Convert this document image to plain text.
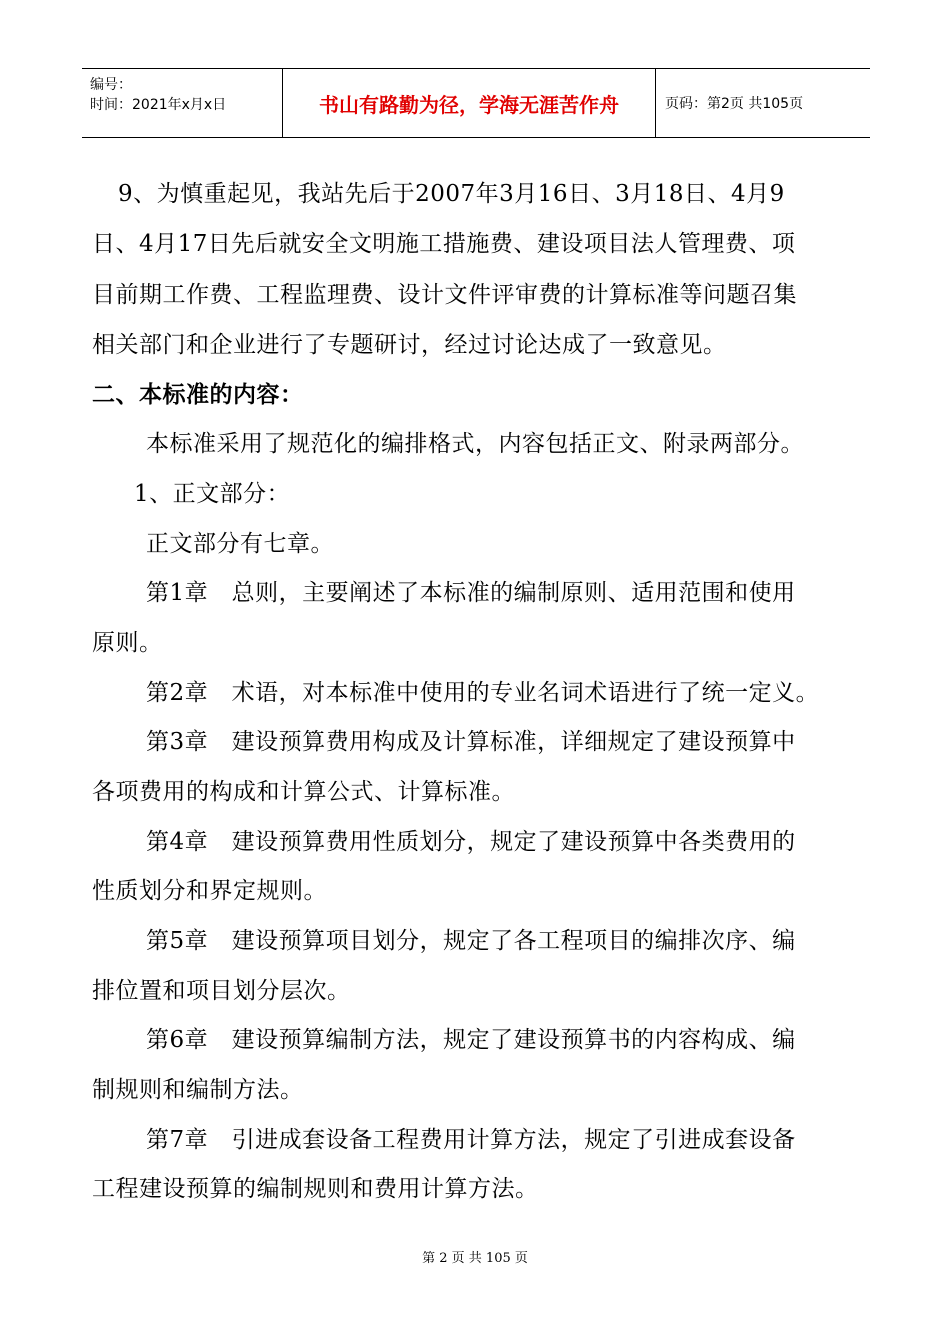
编号：
时间：2021年x月x日	书山有路勤为径，学海无涯苦作舟	页码：第2页 共105页
9、为慎重起见，我站先后于2007年3月16日、3月18日、4月9
日、4月17日先后就安全文明施工措施费、建设项目法人管理费、项
目前期工作费、工程监理费、设计文件评审费的计算标准等问题召集
相关部门和企业进行了专题研讨，经过讨论达成了一致意见。
二、本标准的内容：
本标准采用了规范化的编排格式，内容包括正文、附录两部分。
1、正文部分：
正文部分有七章。
第1章　总则，主要阐述了本标准的编制原则、适用范围和使用
原则。
第2章　术语，对本标准中使用的专业名词术语进行了统一定义。
第3章　建设预算费用构成及计算标准，详细规定了建设预算中
各项费用的构成和计算公式、计算标准。
第4章　建设预算费用性质划分，规定了建设预算中各类费用的
性质划分和界定规则。
第5章　建设预算项目划分，规定了各工程项目的编排次序、编
排位置和项目划分层次。
第6章　建设预算编制方法，规定了建设预算书的内容构成、编
制规则和编制方法。
第7章　引进成套设备工程费用计算方法，规定了引进成套设备
工程建设预算的编制规则和费用计算方法。
第 2 页 共 105 页
